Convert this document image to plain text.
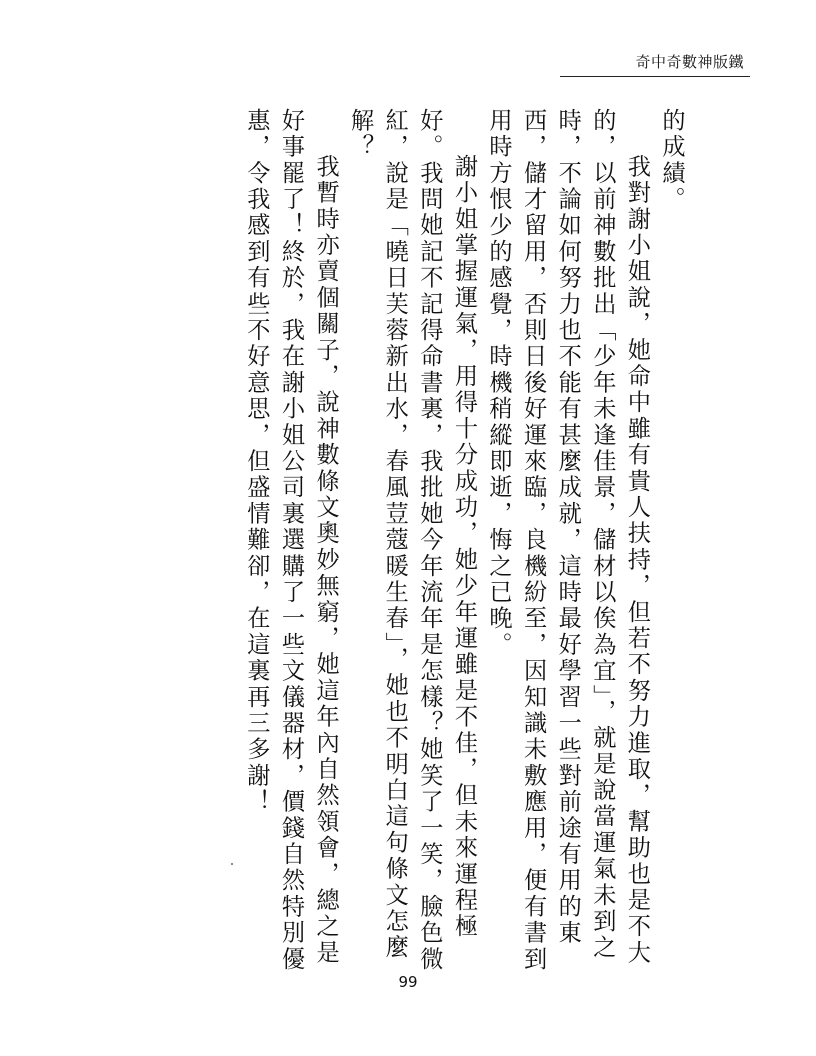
奇中奇數神版鐵

的成績。

我對謝小姐說，她命中雖有貴人扶持，但若不努力進取，幫助也是不大的，以前神數批出「少年未逢佳景，儲材以俟為宜」，就是說當運氣未到之時，不論如何努力也不能有甚麼成就，這時最好學習一些對前途有用的東西，儲才留用，否則日後好運來臨，良機紛至，因知識未敷應用，便有書到用時方恨少的感覺，時機稍縱即逝，悔之已晚。

謝小姐掌握運氣，用得十分成功，她少年運雖是不佳，但未來運程極好。我問她記不記得命書裏，我批她今年流年是怎樣？她笑了一笑，臉色微紅，說是「曉日芙蓉新出水，春風荳蔻暖生春」，她也不明白這句條文怎麼解？

我暫時亦賣個關子，說神數條文奧妙無窮，她這年內自然領會，總之是好事罷了！終於，我在謝小姐公司裏選購了一些文儀器材，價錢自然特別優惠，令我感到有些不好意思，但盛情難卻，在這裏再三多謝！

99
